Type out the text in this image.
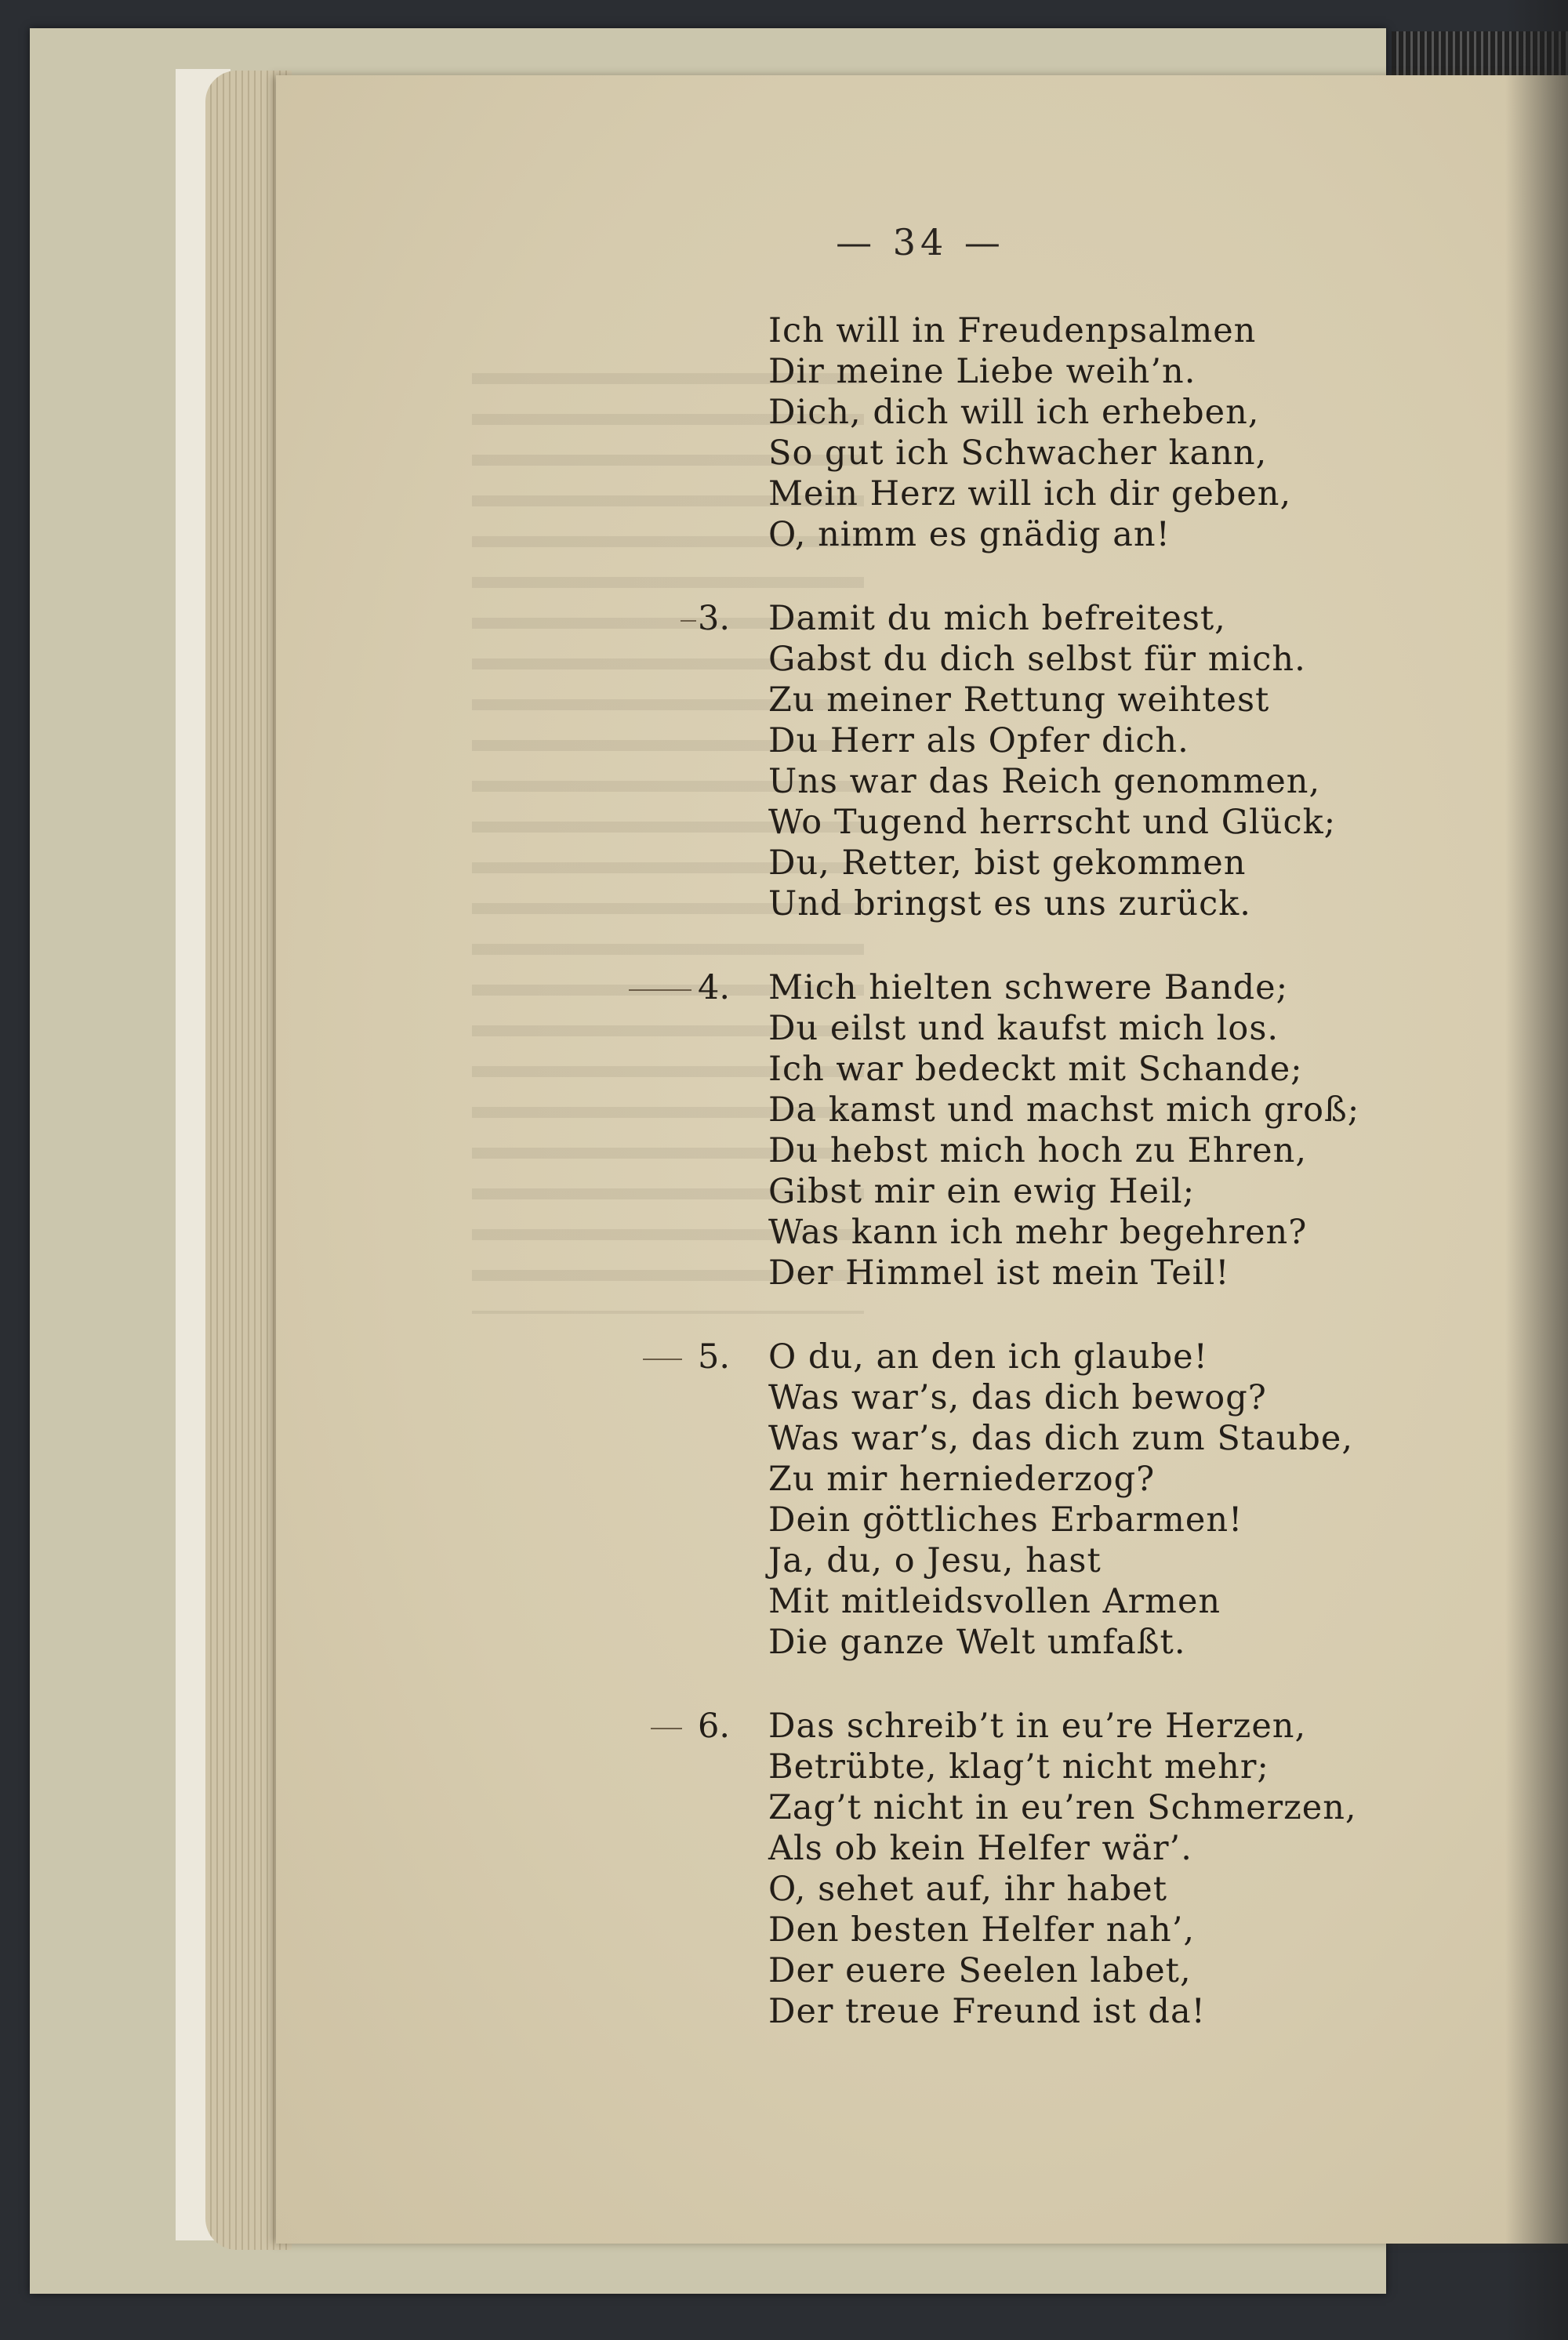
— 34 —
Ich will in Freudenpsalmen
Dir meine Liebe weih’n.
Dich, dich will ich erheben,
So gut ich Schwacher kann,
Mein Herz will ich dir geben,
O, nimm es gnädig an!
3. Damit du mich befreitest,
Gabst du dich selbst für mich.
Zu meiner Rettung weihtest
Du Herr als Opfer dich.
Uns war das Reich genommen,
Wo Tugend herrscht und Glück;
Du, Retter, bist gekommen
Und bringst es uns zurück.
4. Mich hielten schwere Bande;
Du eilst und kaufst mich los.
Ich war bedeckt mit Schande;
Da kamst und machst mich groß;
Du hebst mich hoch zu Ehren,
Gibst mir ein ewig Heil;
Was kann ich mehr begehren?
Der Himmel ist mein Teil!
5. O du, an den ich glaube!
Was war’s, das dich bewog?
Was war’s, das dich zum Staube,
Zu mir herniederzog?
Dein göttliches Erbarmen!
Ja, du, o Jesu, hast
Mit mitleidsvollen Armen
Die ganze Welt umfaßt.
6. Das schreib’t in eu’re Herzen,
Betrübte, klag’t nicht mehr;
Zag’t nicht in eu’ren Schmerzen,
Als ob kein Helfer wär’.
O, sehet auf, ihr habet
Den besten Helfer nah’,
Der euere Seelen labet,
Der treue Freund ist da!
